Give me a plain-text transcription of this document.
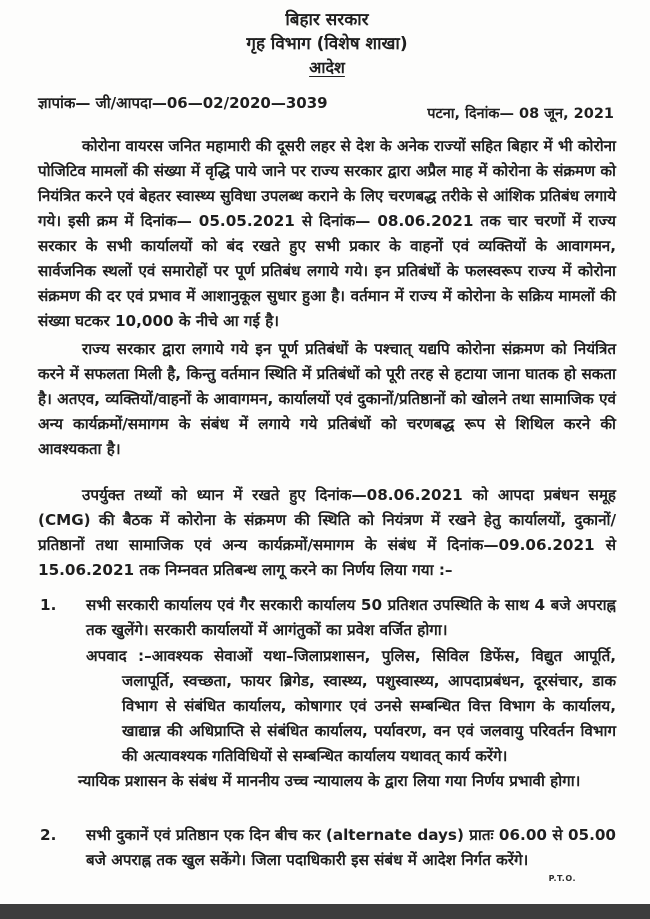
बिहार सरकार
गृह विभाग (विशेष शाखा)
आदेश
ज्ञापांक— जी/आपदा—06—02/2020—3039
पटना, दिनांक— 08 जून, 2021

कोरोना वायरस जनित महामारी की दूसरी लहर से देश के अनेक राज्यों सहित बिहार में भी कोरोना पोजिटिव मामलों की संख्या में वृद्धि पाये जाने पर राज्य सरकार द्वारा अप्रैल माह में कोरोना के संक्रमण को नियंत्रित करने एवं बेहतर स्वास्थ्य सुविधा उपलब्ध कराने के लिए चरणबद्ध तरीके से आंशिक प्रतिबंध लगाये गये। इसी क्रम में दिनांक— 05.05.2021 से दिनांक— 08.06.2021 तक चार चरणों में राज्य सरकार के सभी कार्यालयों को बंद रखते हुए सभी प्रकार के वाहनों एवं व्यक्तियों के आवागमन, सार्वजनिक स्थलों एवं समारोहों पर पूर्ण प्रतिबंध लगाये गये। इन प्रतिबंधों के फलस्वरूप राज्य में कोरोना संक्रमण की दर एवं प्रभाव में आशानुकूल सुधार हुआ है। वर्तमान में राज्य में कोरोना के सक्रिय मामलों की संख्या घटकर 10,000 के नीचे आ गई है।

राज्य सरकार द्वारा लगाये गये इन पूर्ण प्रतिबंधों के पश्चात् यद्यपि कोरोना संक्रमण को नियंत्रित करने में सफलता मिली है, किन्तु वर्तमान स्थिति में प्रतिबंधों को पूरी तरह से हटाया जाना घातक हो सकता है। अतएव, व्यक्तियों/वाहनों के आवागमन, कार्यालयों एवं दुकानों/प्रतिष्ठानों को खोलने तथा सामाजिक एवं अन्य कार्यक्रमों/समागम के संबंध में लगाये गये प्रतिबंधों को चरणबद्ध रूप से शिथिल करने की आवश्यकता है।

उपर्युक्त तथ्यों को ध्यान में रखते हुए दिनांक—08.06.2021 को आपदा प्रबंधन समूह (CMG) की बैठक में कोरोना के संक्रमण की स्थिति को नियंत्रण में रखने हेतु कार्यालयों, दुकानों/प्रतिष्ठानों तथा सामाजिक एवं अन्य कार्यक्रमों/समागम के संबंध में दिनांक—09.06.2021 से 15.06.2021 तक निम्नवत प्रतिबन्ध लागू करने का निर्णय लिया गया :–

1. सभी सरकारी कार्यालय एवं गैर सरकारी कार्यालय 50 प्रतिशत उपस्थिति के साथ 4 बजे अपराह्न तक खुलेंगे। सरकारी कार्यालयों में आगंतुकों का प्रवेश वर्जित होगा।

अपवाद :–आवश्यक सेवाओं यथा–जिलाप्रशासन, पुलिस, सिविल डिफेंस, विद्युत आपूर्ति, जलापूर्ति, स्वच्छता, फायर ब्रिगेड, स्वास्थ्य, पशुस्वास्थ्य, आपदाप्रबंधन, दूरसंचार, डाक विभाग से संबंधित कार्यालय, कोषागार एवं उनसे सम्बन्धित वित्त विभाग के कार्यालय, खाद्यान्न की अधिप्राप्ति से संबंधित कार्यालय, पर्यावरण, वन एवं जलवायु परिवर्तन विभाग की अत्यावश्यक गतिविधियों से सम्बन्धित कार्यालय यथावत् कार्य करेंगे।

न्यायिक प्रशासन के संबंध में माननीय उच्च न्यायालय के द्वारा लिया गया निर्णय प्रभावी होगा।

2. सभी दुकानें एवं प्रतिष्ठान एक दिन बीच कर (alternate days) प्रातः 06.00 से 05.00 बजे अपराह्न तक खुल सकेंगे। जिला पदाधिकारी इस संबंध में आदेश निर्गत करेंगे।

P.T.O.
